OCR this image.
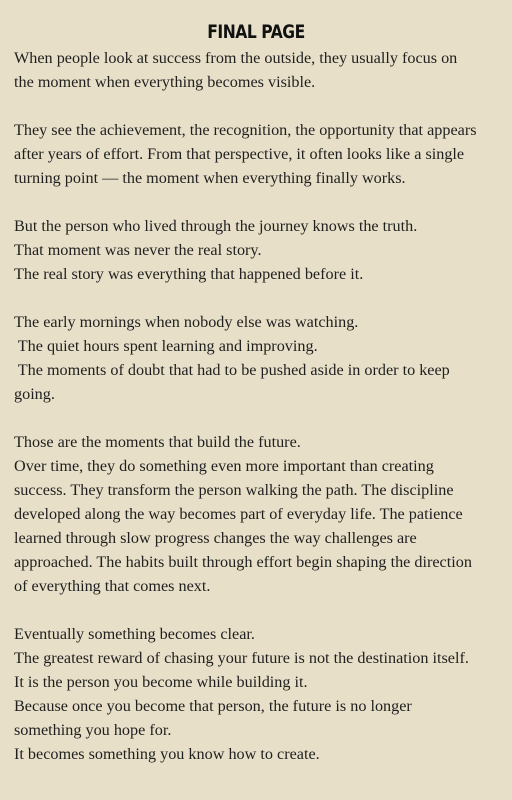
FINAL PAGE
When people look at success from the outside, they usually focus on
the moment when everything becomes visible.
They see the achievement, the recognition, the opportunity that appears
after years of effort. From that perspective, it often looks like a single
turning point — the moment when everything finally works.
But the person who lived through the journey knows the truth.
That moment was never the real story.
The real story was everything that happened before it.
The early mornings when nobody else was watching.
The quiet hours spent learning and improving.
The moments of doubt that had to be pushed aside in order to keep
going.
Those are the moments that build the future.
Over time, they do something even more important than creating
success. They transform the person walking the path. The discipline
developed along the way becomes part of everyday life. The patience
learned through slow progress changes the way challenges are
approached. The habits built through effort begin shaping the direction
of everything that comes next.
Eventually something becomes clear.
The greatest reward of chasing your future is not the destination itself.
It is the person you become while building it.
Because once you become that person, the future is no longer
something you hope for.
It becomes something you know how to create.
